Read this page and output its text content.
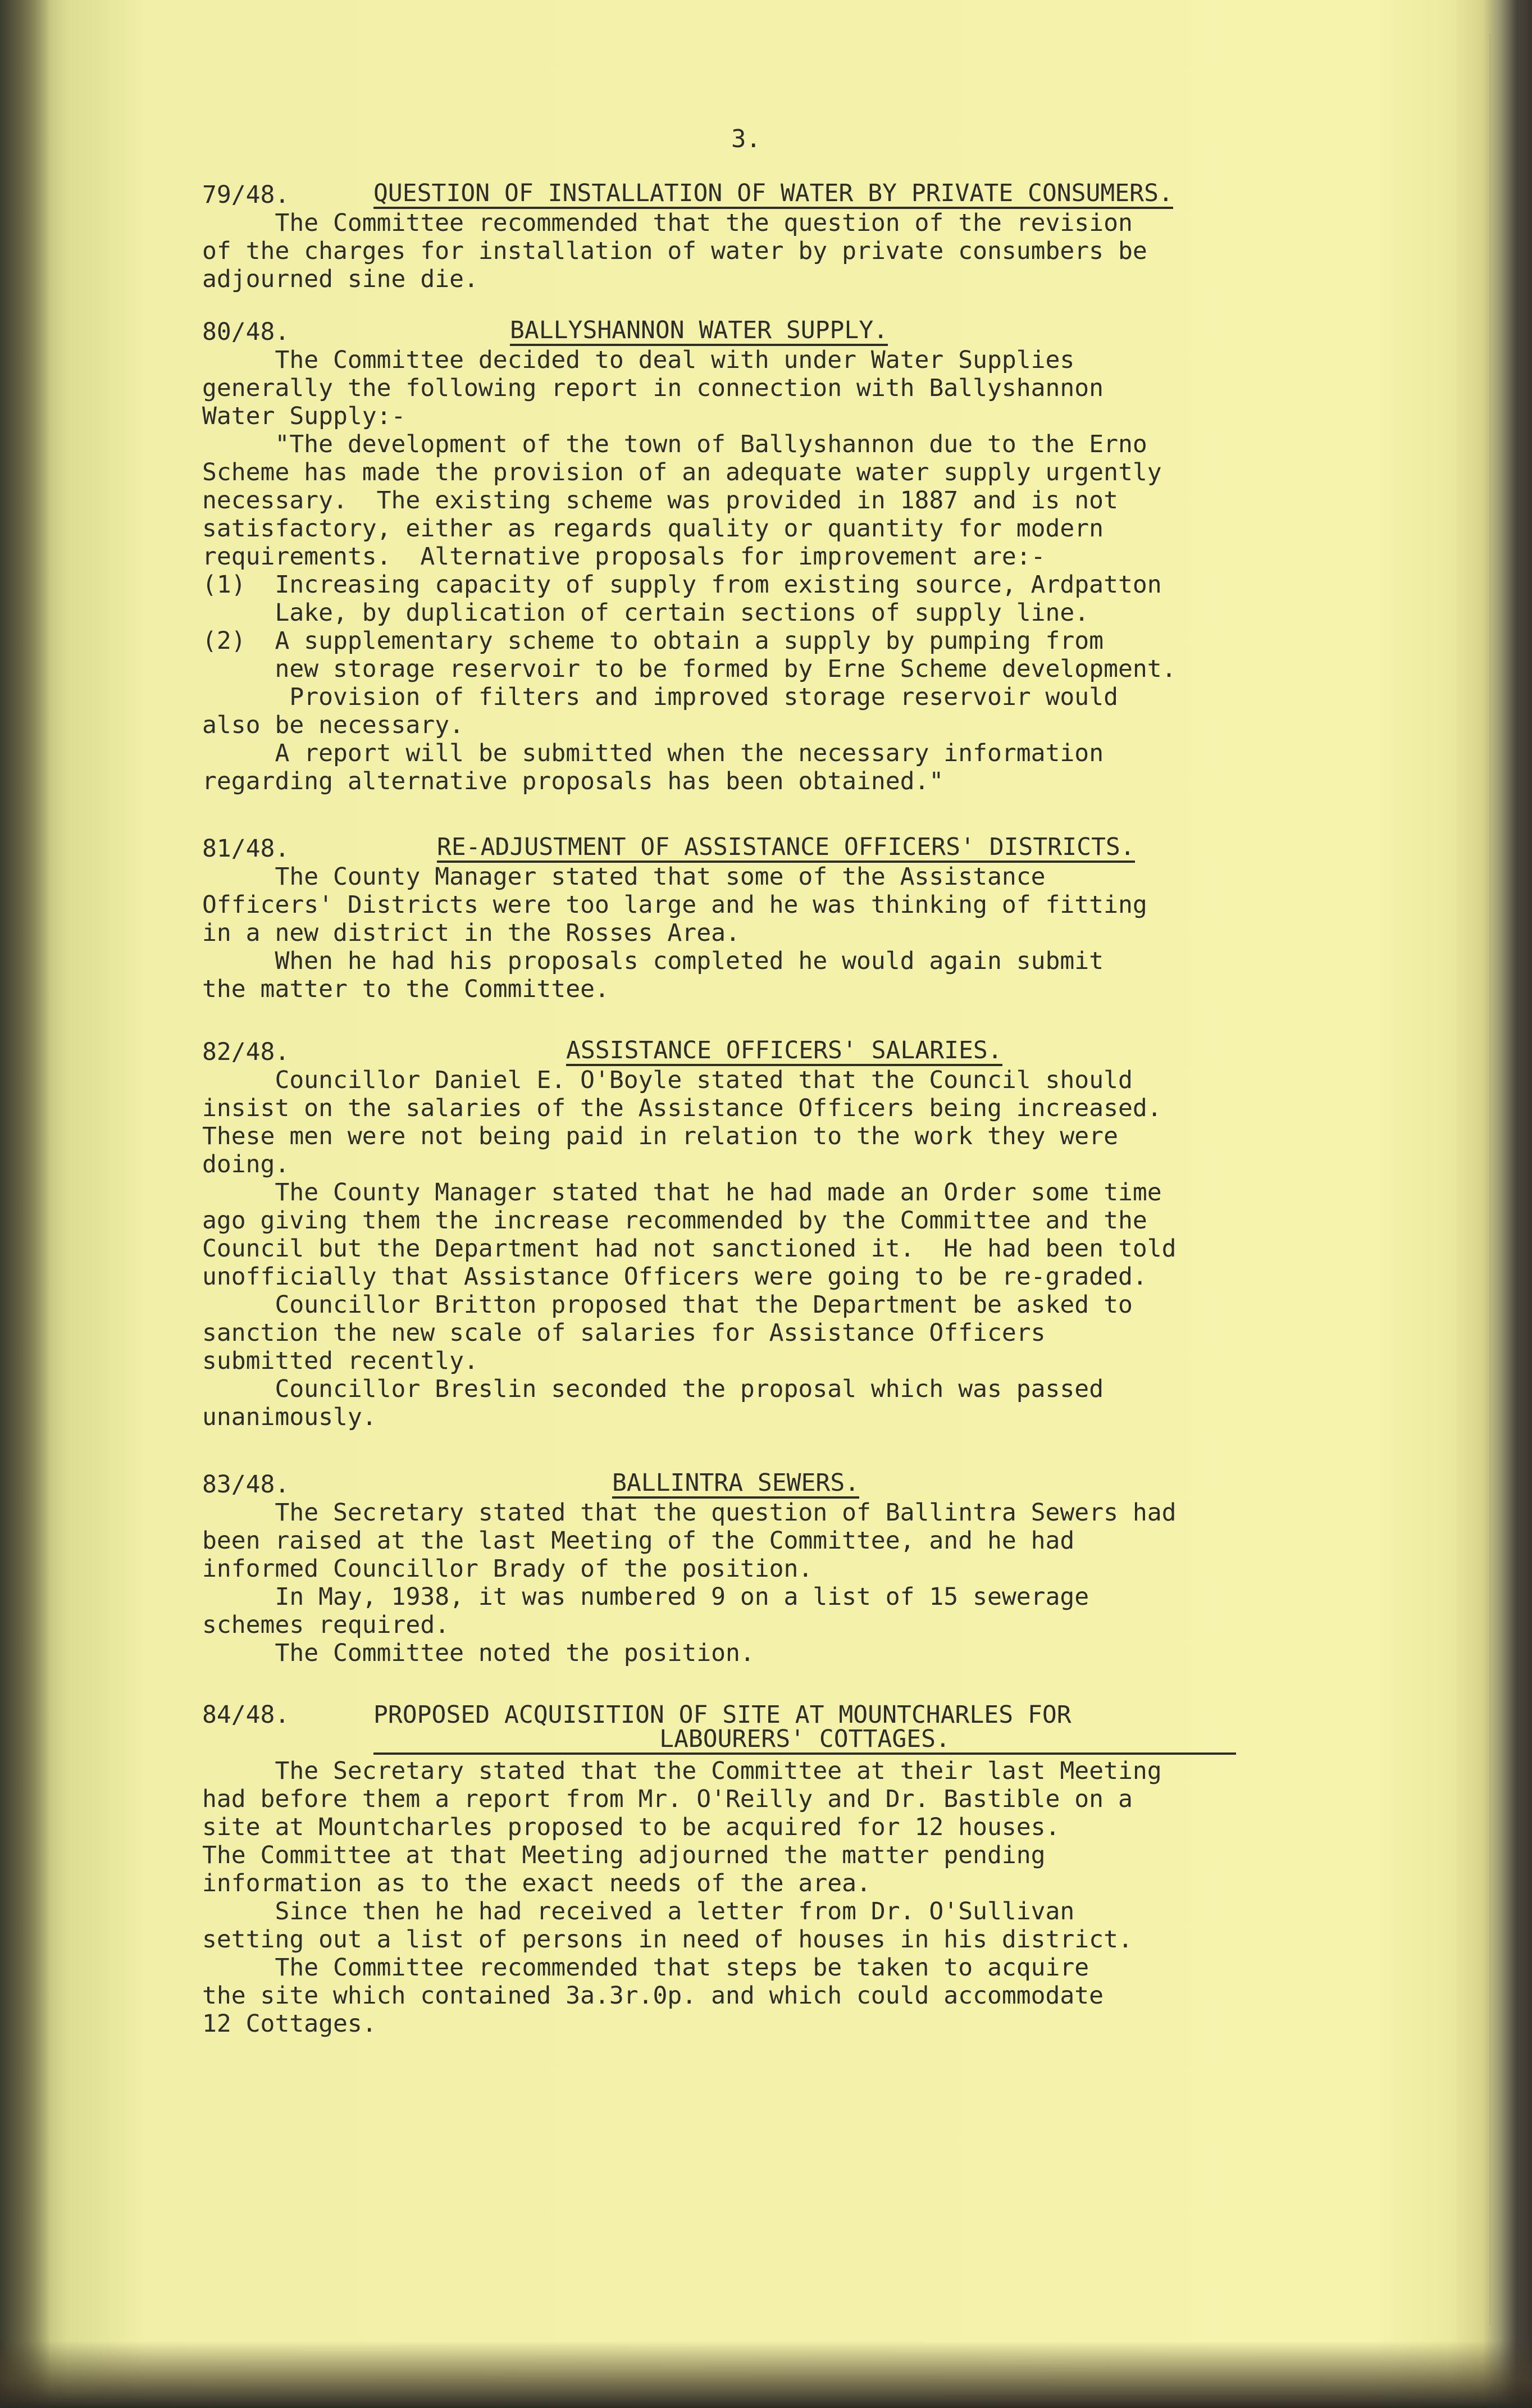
3.
79/48.	QUESTION OF INSTALLATION OF WATER BY PRIVATE CONSUMERS.

The Committee recommended that the question of the revision

of the charges for installation of water by private consumbers be

adjourned sine die.

80/48.	BALLYSHANNON WATER SUPPLY.

The Committee decided to deal with under Water Supplies

generally the following report in connection with Ballyshannon

Water Supply:-

"The development of the town of Ballyshannon due to the Erno

Scheme has made the provision of an adequate water supply urgently

necessary.  The existing scheme was provided in 1887 and is not

satisfactory, either as regards quality or quantity for modern

requirements.  Alternative proposals for improvement are:-

(1)  Increasing capacity of supply from existing source, Ardpatton

Lake, by duplication of certain sections of supply line.

(2)  A supplementary scheme to obtain a supply by pumping from

new storage reservoir to be formed by Erne Scheme development.

Provision of filters and improved storage reservoir would

also be necessary.

A report will be submitted when the necessary information

regarding alternative proposals has been obtained."

81/48.	RE-ADJUSTMENT OF ASSISTANCE OFFICERS' DISTRICTS.

The County Manager stated that some of the Assistance

Officers' Districts were too large and he was thinking of fitting

in a new district in the Rosses Area.

When he had his proposals completed he would again submit

the matter to the Committee.

82/48.	ASSISTANCE OFFICERS' SALARIES.

Councillor Daniel E. O'Boyle stated that the Council should

insist on the salaries of the Assistance Officers being increased.

These men were not being paid in relation to the work they were

doing.

The County Manager stated that he had made an Order some time

ago giving them the increase recommended by the Committee and the

Council but the Department had not sanctioned it.  He had been told

unofficially that Assistance Officers were going to be re-graded.

Councillor Britton proposed that the Department be asked to

sanction the new scale of salaries for Assistance Officers

submitted recently.

Councillor Breslin seconded the proposal which was passed

unanimously.

83/48.	BALLINTRA SEWERS.

The Secretary stated that the question of Ballintra Sewers had

been raised at the last Meeting of the Committee, and he had

informed Councillor Brady of the position.

In May, 1938, it was numbered 9 on a list of 15 sewerage

schemes required.

The Committee noted the position.

84/48.	PROPOSED ACQUISITION OF SITE AT MOUNTCHARLES FOR
LABOURERS' COTTAGES.

The Secretary stated that the Committee at their last Meeting

had before them a report from Mr. O'Reilly and Dr. Bastible on a

site at Mountcharles proposed to be acquired for 12 houses.

The Committee at that Meeting adjourned the matter pending

information as to the exact needs of the area.

Since then he had received a letter from Dr. O'Sullivan

setting out a list of persons in need of houses in his district.

The Committee recommended that steps be taken to acquire

the site which contained 3a.3r.0p. and which could accommodate

12 Cottages.
